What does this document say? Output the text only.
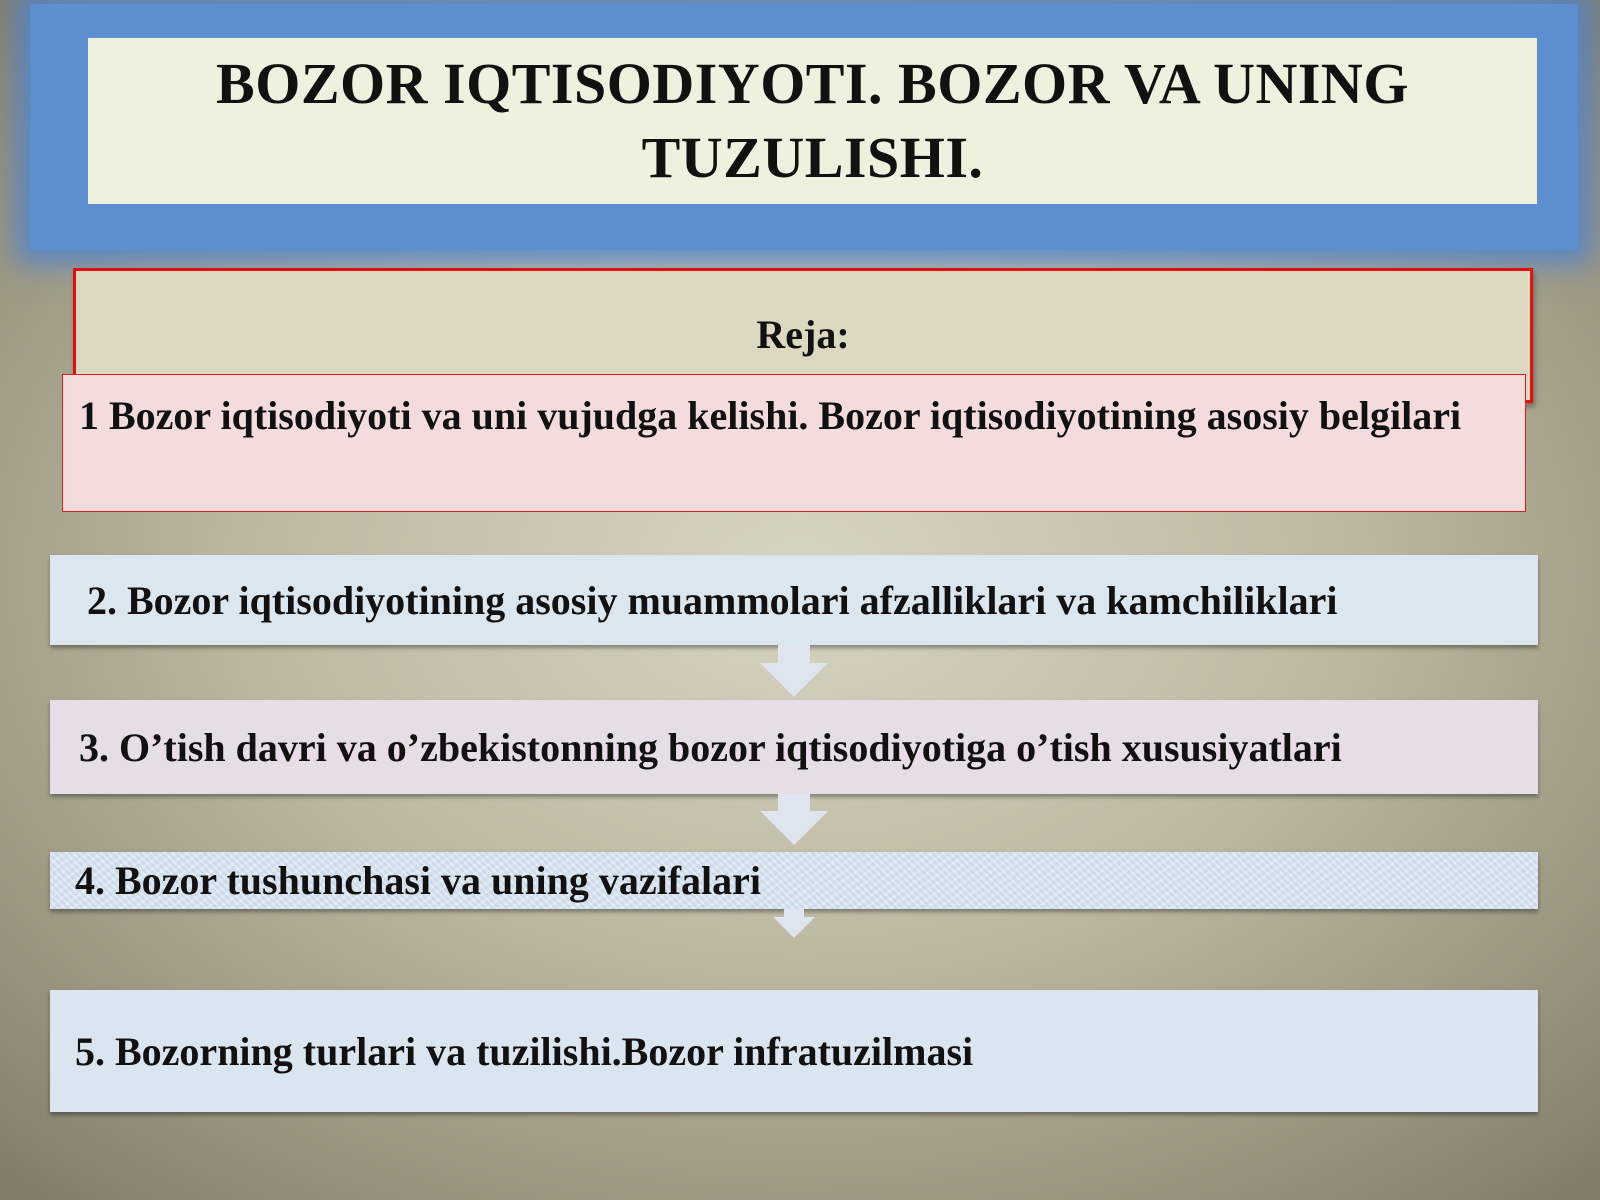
BOZOR IQTISODIYOTI. BOZOR VA UNING
TUZULISHI.
Reja:
1 Bozor iqtisodiyoti va uni vujudga kelishi. Bozor iqtisodiyotining asosiy belgilari
2. Bozor iqtisodiyotining asosiy muammolari afzalliklari va kamchiliklari
3. O’tish davri va o’zbekistonning bozor iqtisodiyotiga o’tish xususiyatlari
4. Bozor tushunchasi va uning vazifalari
5. Bozorning turlari va tuzilishi.Bozor infratuzilmasi
